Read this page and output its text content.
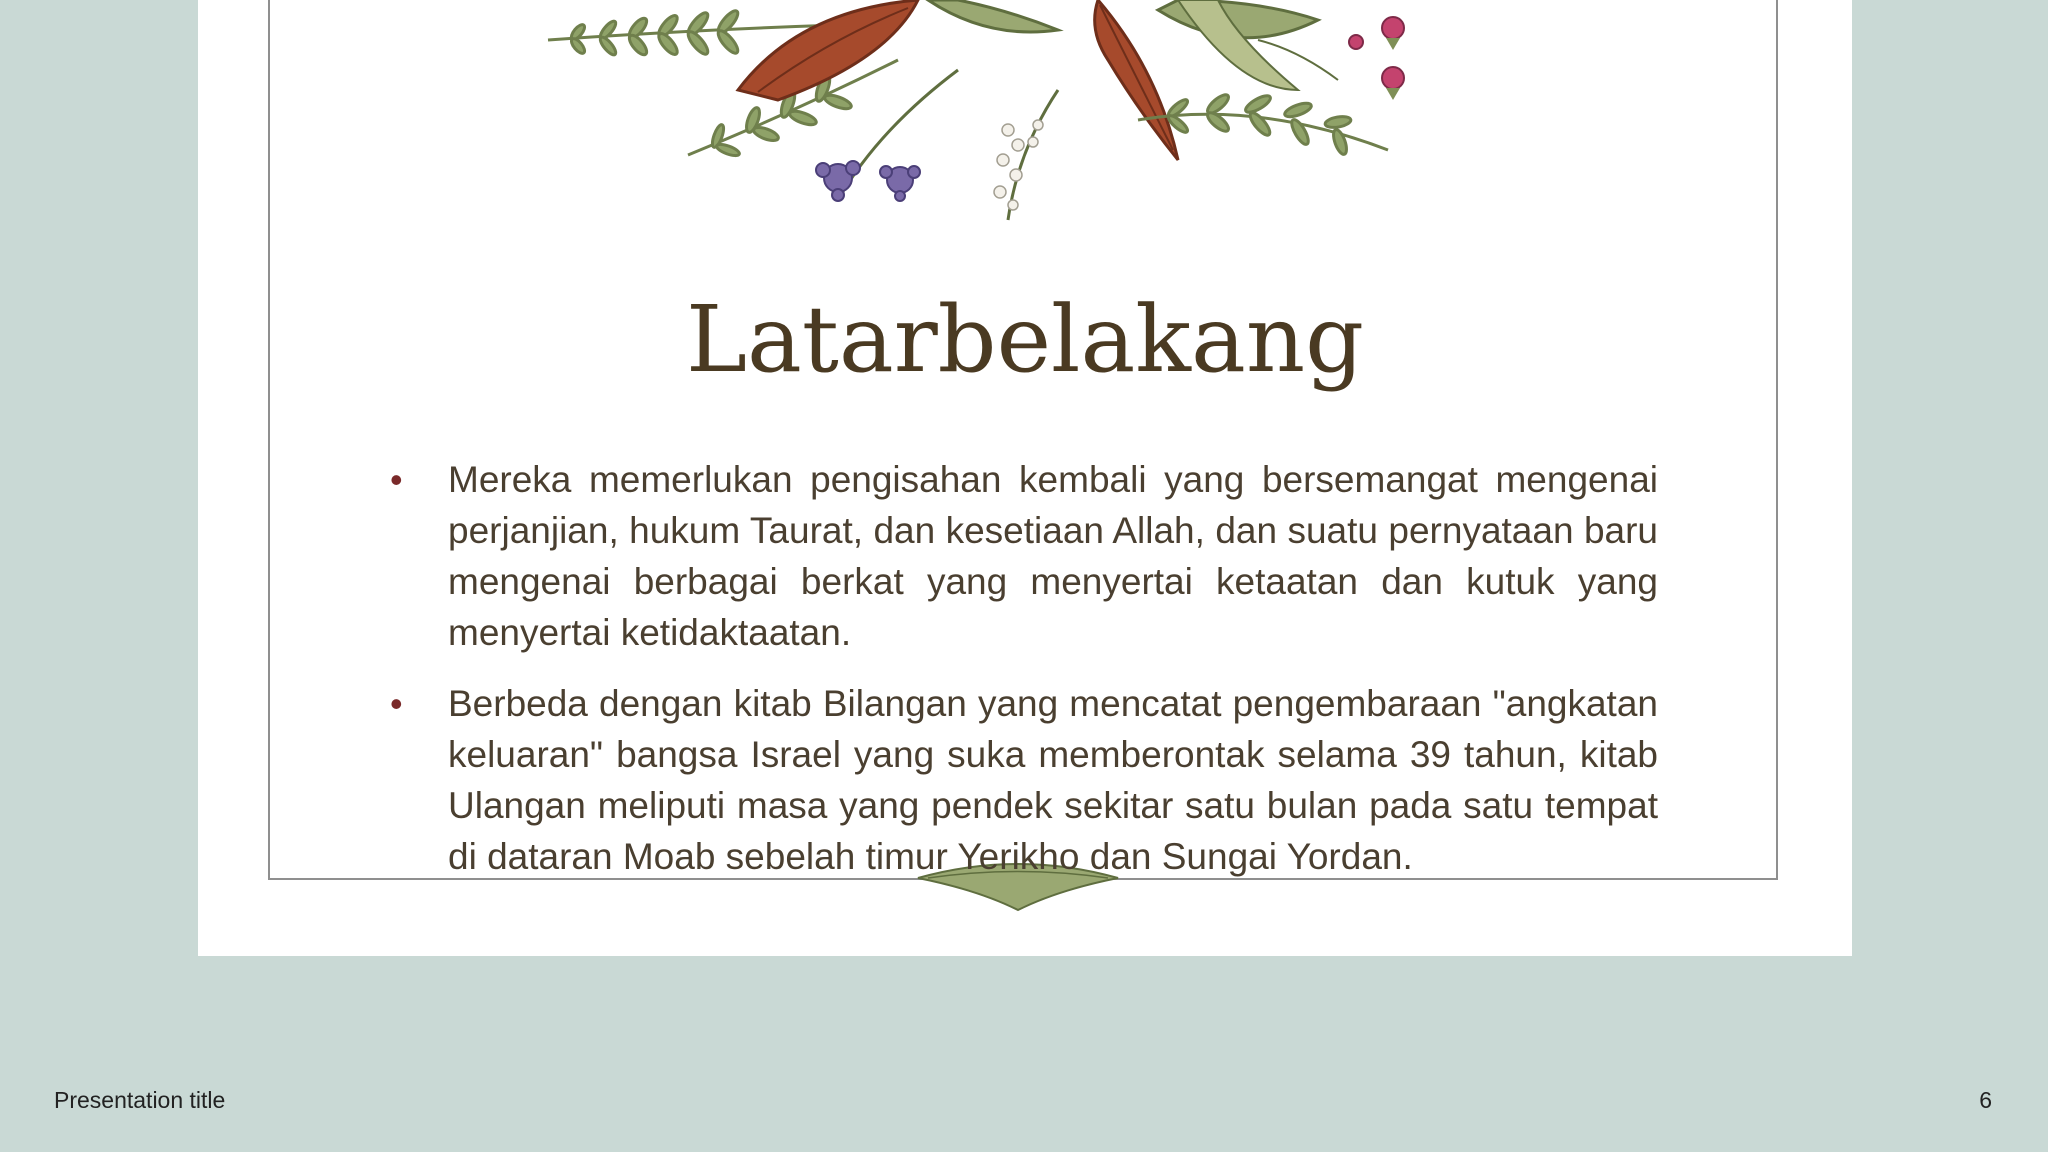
Latarbelakang
• Mereka memerlukan pengisahan kembali yang bersemangat mengenai perjanjian, hukum Taurat, dan kesetiaan Allah, dan suatu pernyataan baru mengenai berbagai berkat yang menyertai ketaatan dan kutuk yang menyertai ketidaktaatan.
• Berbeda dengan kitab Bilangan yang mencatat pengembaraan "angkatan keluaran" bangsa Israel yang suka memberontak selama 39 tahun, kitab Ulangan meliputi masa yang pendek sekitar satu bulan pada satu tempat di dataran Moab sebelah timur Yerikho dan Sungai Yordan.
Presentation title	6
